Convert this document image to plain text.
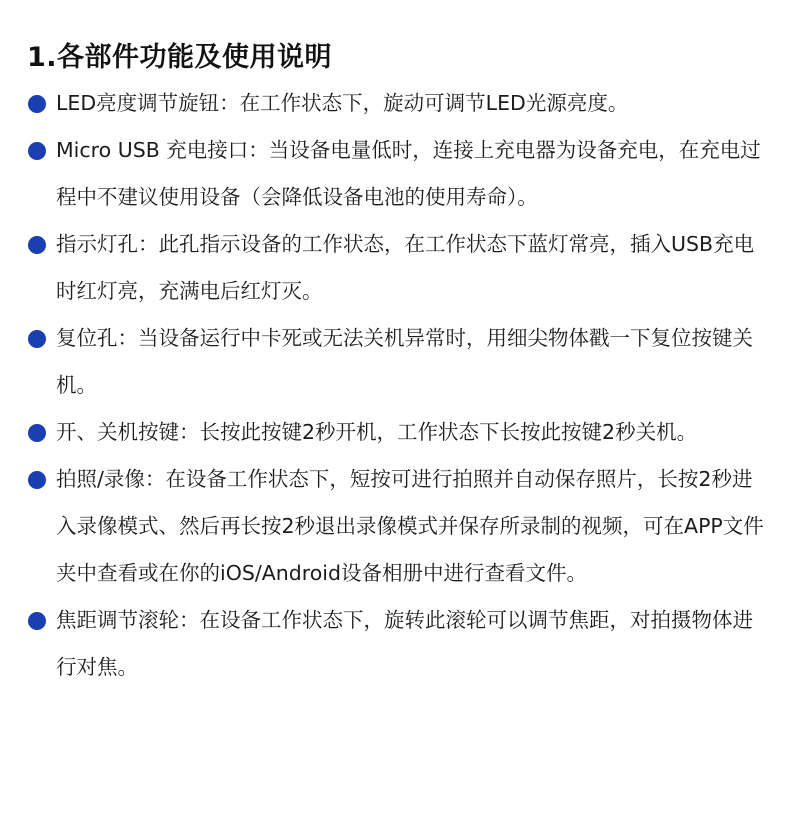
1.各部件功能及使用说明
LED亮度调节旋钮：在工作状态下，旋动可调节LED光源亮度。
Micro USB 充电接口：当设备电量低时，连接上充电器为设备充电，在充电过程中不建议使用设备（会降低设备电池的使用寿命）。
指示灯孔：此孔指示设备的工作状态，在工作状态下蓝灯常亮，插入USB充电时红灯亮，充满电后红灯灭。
复位孔：当设备运行中卡死或无法关机异常时，用细尖物体戳一下复位按键关机。
开、关机按键：长按此按键2秒开机，工作状态下长按此按键2秒关机。
拍照/录像：在设备工作状态下，短按可进行拍照并自动保存照片，长按2秒进入录像模式、然后再长按2秒退出录像模式并保存所录制的视频，可在APP文件夹中查看或在你的iOS/Android设备相册中进行查看文件。
焦距调节滚轮：在设备工作状态下，旋转此滚轮可以调节焦距，对拍摄物体进行对焦。
